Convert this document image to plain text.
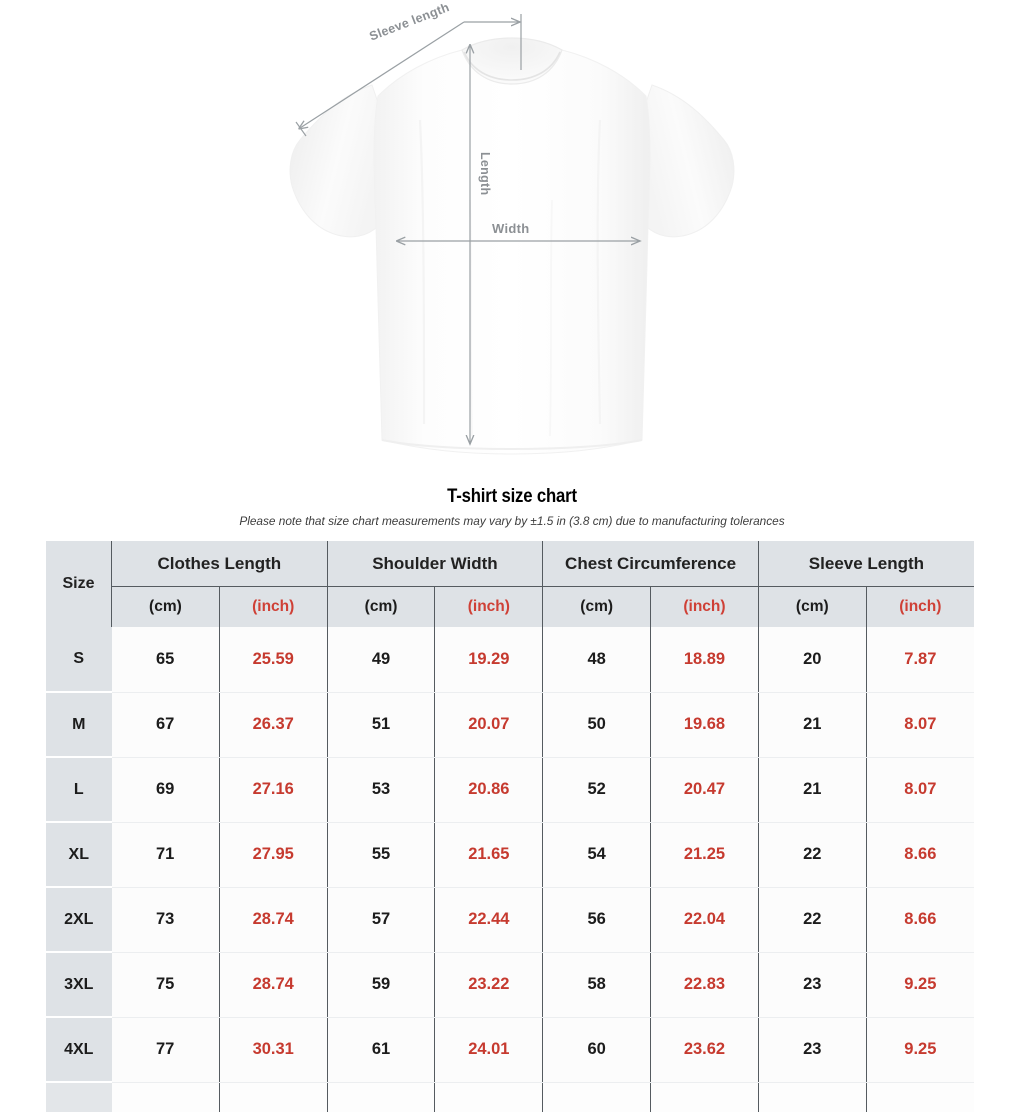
Sleeve length
Length
Width
T-shirt size chart
Please note that size chart measurements may vary by ±1.5 in (3.8 cm) due to manufacturing tolerances
Size	Clothes Length		Shoulder Width		Chest Circumference		Sleeve Length	
	(cm)	(inch)	(cm)	(inch)	(cm)	(inch)	(cm)	(inch)
S	65	25.59	49	19.29	48	18.89	20	7.87
M	67	26.37	51	20.07	50	19.68	21	8.07
L	69	27.16	53	20.86	52	20.47	21	8.07
XL	71	27.95	55	21.65	54	21.25	22	8.66
2XL	73	28.74	57	22.44	56	22.04	22	8.66
3XL	75	28.74	59	23.22	58	22.83	23	9.25
4XL	77	30.31	61	24.01	60	23.62	23	9.25
